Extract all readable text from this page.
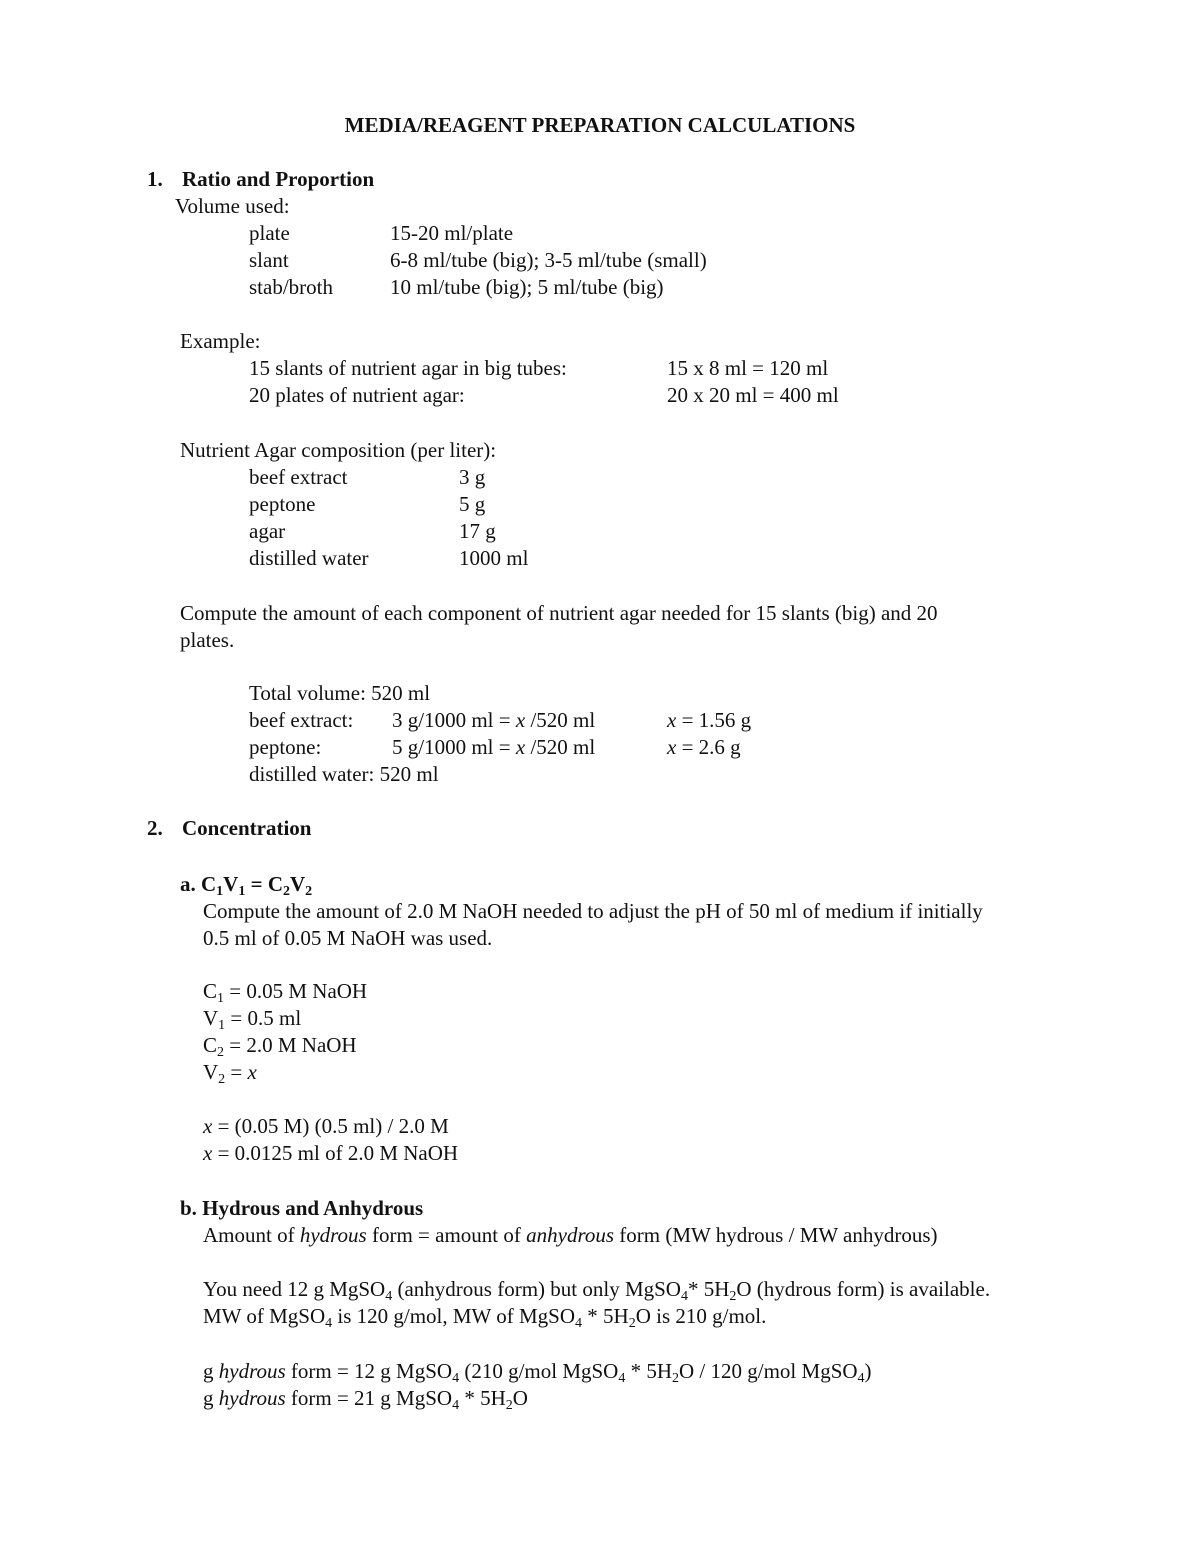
MEDIA/REAGENT PREPARATION CALCULATIONS
1. Ratio and Proportion
Volume used:
plate	15-20 ml/plate
slant	6-8 ml/tube (big); 3-5 ml/tube (small)
stab/broth	10 ml/tube (big); 5 ml/tube (big)
Example:
15 slants of nutrient agar in big tubes:	15 x 8 ml = 120 ml
20 plates of nutrient agar:	20 x 20 ml = 400 ml
Nutrient Agar composition (per liter):
beef extract	3 g
peptone	5 g
agar	17 g
distilled water	1000 ml
Compute the amount of each component of nutrient agar needed for 15 slants (big) and 20
plates.
Total volume: 520 ml
beef extract: 3 g/1000 ml = x /520 ml	x = 1.56 g
peptone:	5 g/1000 ml = x /520 ml	x = 2.6 g
distilled water: 520 ml
2. Concentration
a. $C_1V_1 = C_2V_2$
Compute the amount of 2.0 M NaOH needed to adjust the pH of 50 ml of medium if initially
0.5 ml of 0.05 M NaOH was used.
$C_1 = 0.05$ M NaOH
$V_1 = 0.5$ ml
$C_2 = 2.0$ M NaOH
$V_2 = x$
x = (0.05 M) (0.5 ml) / 2.0 M
x = 0.0125 ml of 2.0 M NaOH
b. Hydrous and Anhydrous
Amount of hydrous form = amount of anhydrous form (MW hydrous / MW anhydrous)
You need 12 g MgSO$_4$ (anhydrous form) but only MgSO$_4$* $5H_2O$ (hydrous form) is available.
MW of MgSO$_4$ is 120 g/mol, MW of MgSO$_4$ * $5H_2O$ is 210 g/mol.
g hydrous form = 12 g MgSO$_4$ (210 g/mol MgSO$_4$ * $5H_2O / 120$ g/mol MgSO$_4$)
g hydrous form = 21 g MgSO$_4$ * $5H_2O$
